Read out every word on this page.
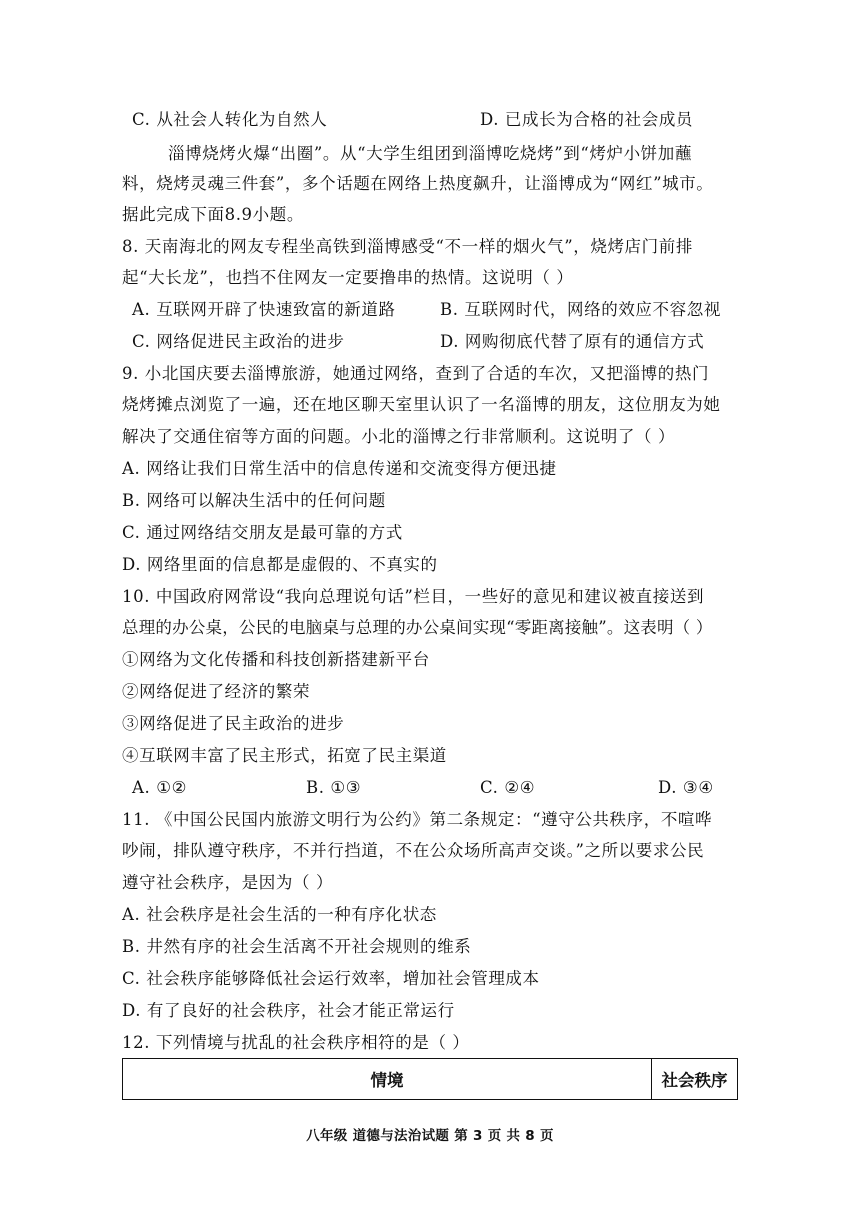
C. 从社会人转化为自然人	D. 已成长为合格的社会成员
淄博烧烤火爆“出圈”。从“大学生组团到淄博吃烧烤”到“烤炉小饼加蘸
料，烧烤灵魂三件套”，多个话题在网络上热度飙升，让淄博成为“网红”城市。
据此完成下面8.9小题。
8. 天南海北的网友专程坐高铁到淄博感受“不一样的烟火气”，烧烤店门前排
起“大长龙”，也挡不住网友一定要撸串的热情。这说明（ ）
A. 互联网开辟了快速致富的新道路	B. 互联网时代，网络的效应不容忽视
C. 网络促进民主政治的进步	D. 网购彻底代替了原有的通信方式
9. 小北国庆要去淄博旅游，她通过网络，查到了合适的车次，又把淄博的热门
烧烤摊点浏览了一遍，还在地区聊天室里认识了一名淄博的朋友，这位朋友为她
解决了交通住宿等方面的问题。小北的淄博之行非常顺利。这说明了（ ）
A. 网络让我们日常生活中的信息传递和交流变得方便迅捷
B. 网络可以解决生活中的任何问题
C. 通过网络结交朋友是最可靠的方式
D. 网络里面的信息都是虚假的、不真实的
10. 中国政府网常设“我向总理说句话”栏目，一些好的意见和建议被直接送到
总理的办公桌，公民的电脑桌与总理的办公桌间实现“零距离接触”。这表明（ ）
①网络为文化传播和科技创新搭建新平台
②网络促进了经济的繁荣
③网络促进了民主政治的进步
④互联网丰富了民主形式，拓宽了民主渠道
A. ①②	B. ①③	C. ②④	D. ③④
11. 《中国公民国内旅游文明行为公约》第二条规定：“遵守公共秩序，不喧哗
吵闹，排队遵守秩序，不并行挡道，不在公众场所高声交谈。”之所以要求公民
遵守社会秩序，是因为（ ）
A. 社会秩序是社会生活的一种有序化状态
B. 井然有序的社会生活离不开社会规则的维系
C. 社会秩序能够降低社会运行效率，增加社会管理成本
D. 有了良好的社会秩序，社会才能正常运行
12. 下列情境与扰乱的社会秩序相符的是（ ）
情境	社会秩序
八年级 道德与法治试题 第 3 页 共 8 页
